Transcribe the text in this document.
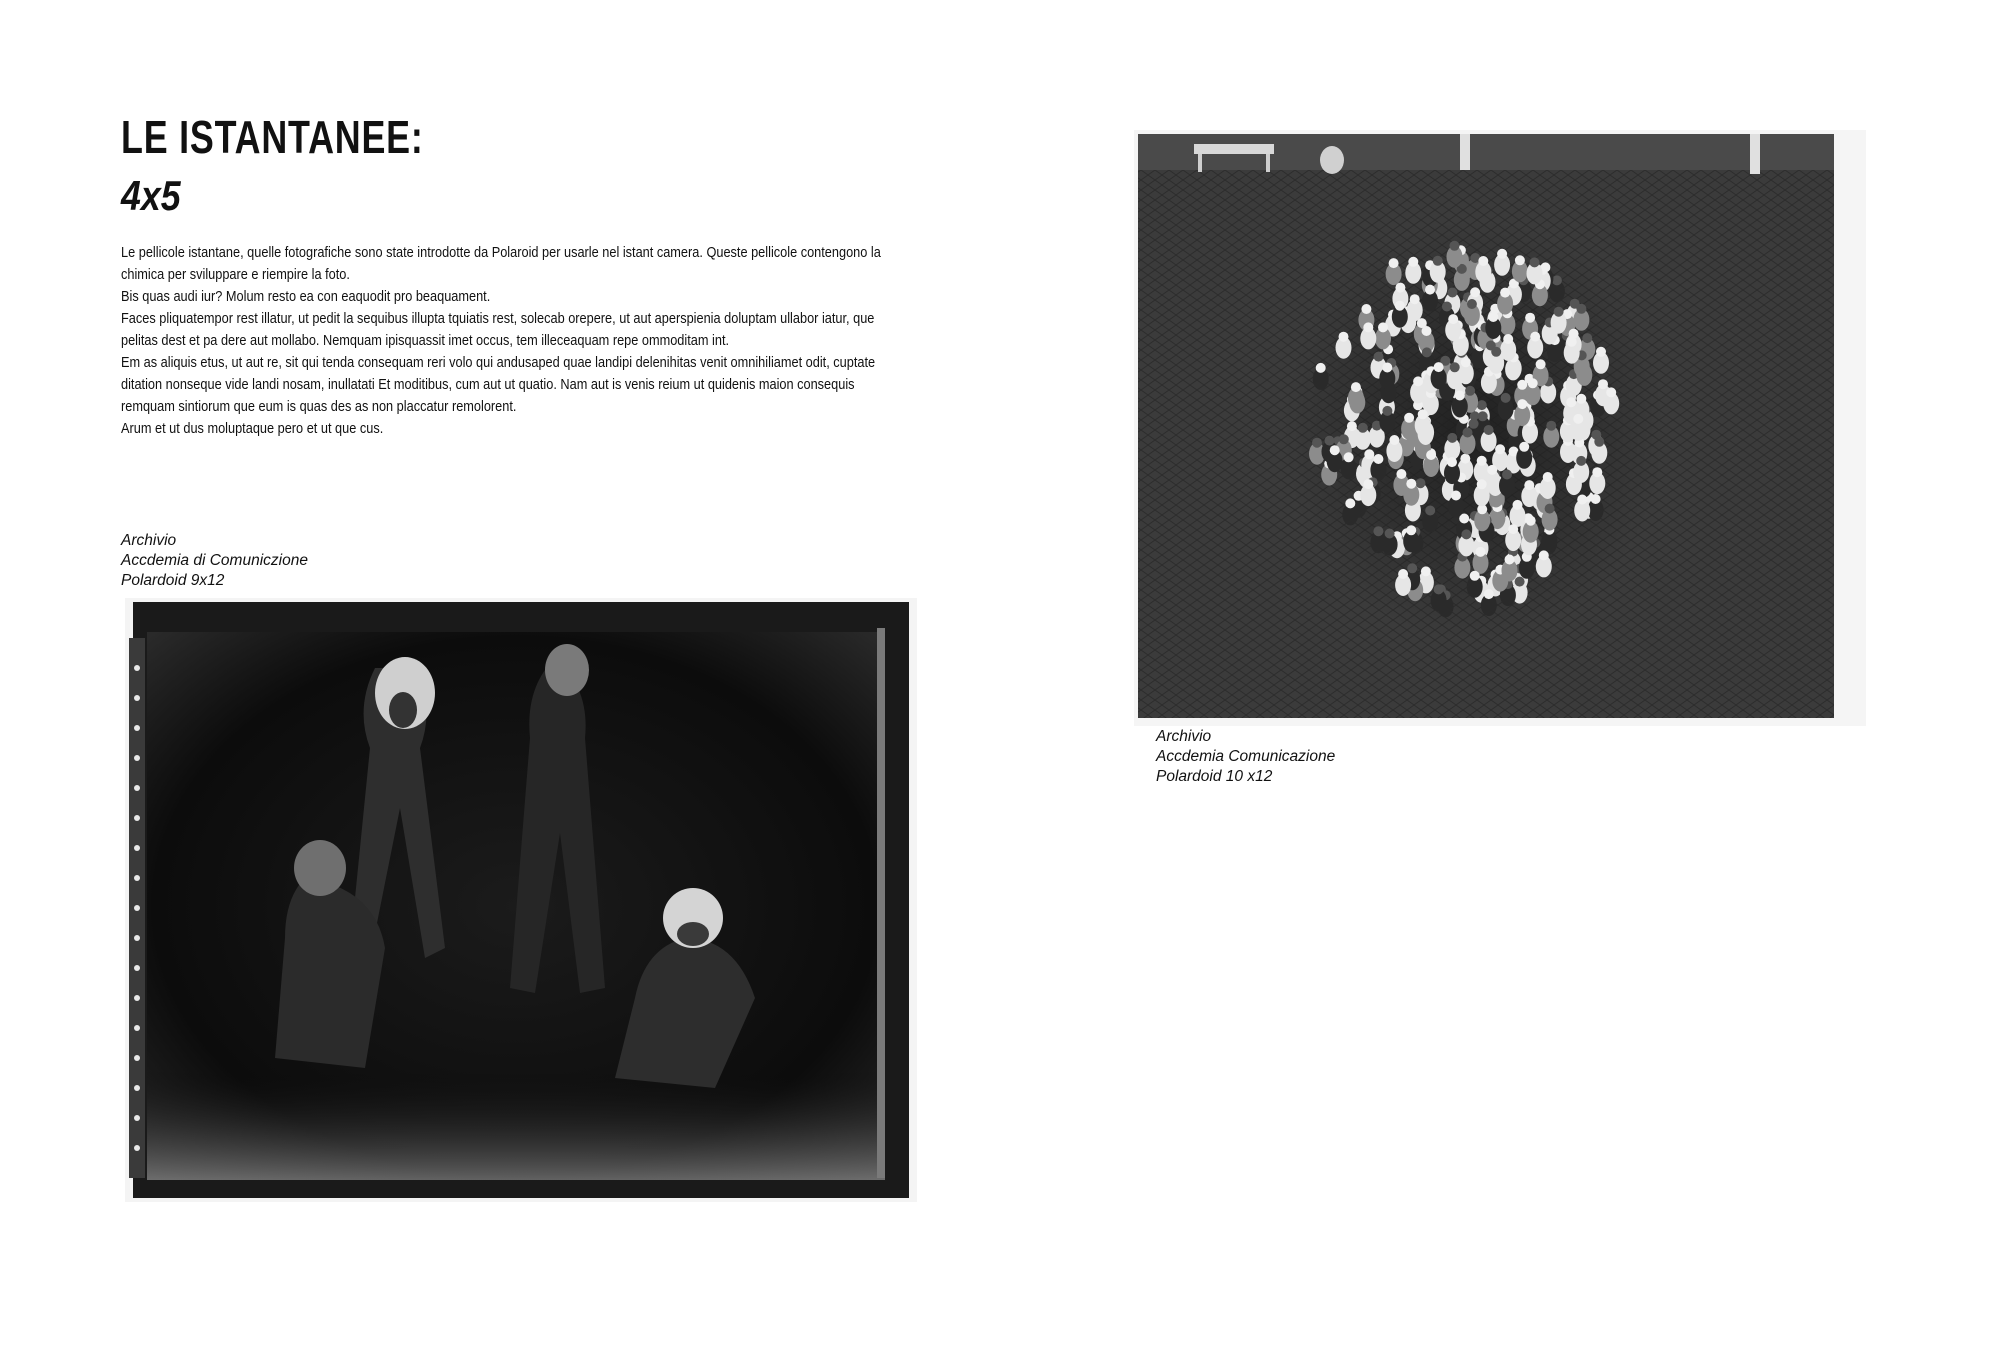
LE ISTANTANEE:
4x5

Le pellicole istantane, quelle fotografiche sono state introdotte da Polaroid per usarle nel istant camera. Queste pellicole contengono la chimica per sviluppare e riempire la foto.

Bis quas audi iur? Molum resto ea con eaquodit pro beaquament.

Faces pliquatempor rest illatur, ut pedit la sequibus illupta tquiatis rest, solecab orepere, ut aut aperspienia doluptam ullabor iatur, que pelitas dest et pa dere aut mollabo. Nemquam ipisquassit imet occus, tem illeceaquam repe ommoditam int.

Em as aliquis etus, ut aut re, sit qui tenda consequam reri volo qui andusaped quae landipi delenihitas venit omnihiliamet odit, cuptate ditation nonseque vide landi nosam, inullatati Et moditibus, cum aut ut quatio. Nam aut is venis reium ut quidenis maion consequis remquam sintiorum que eum is quas des as non placcatur remolorent.

Arum et ut dus moluptaque pero et ut que cus.

Archivio
Accdemia di Comuniczione
Polardoid 9x12
Archivio
Accdemia Comunicazione
Polardoid 10 x12
